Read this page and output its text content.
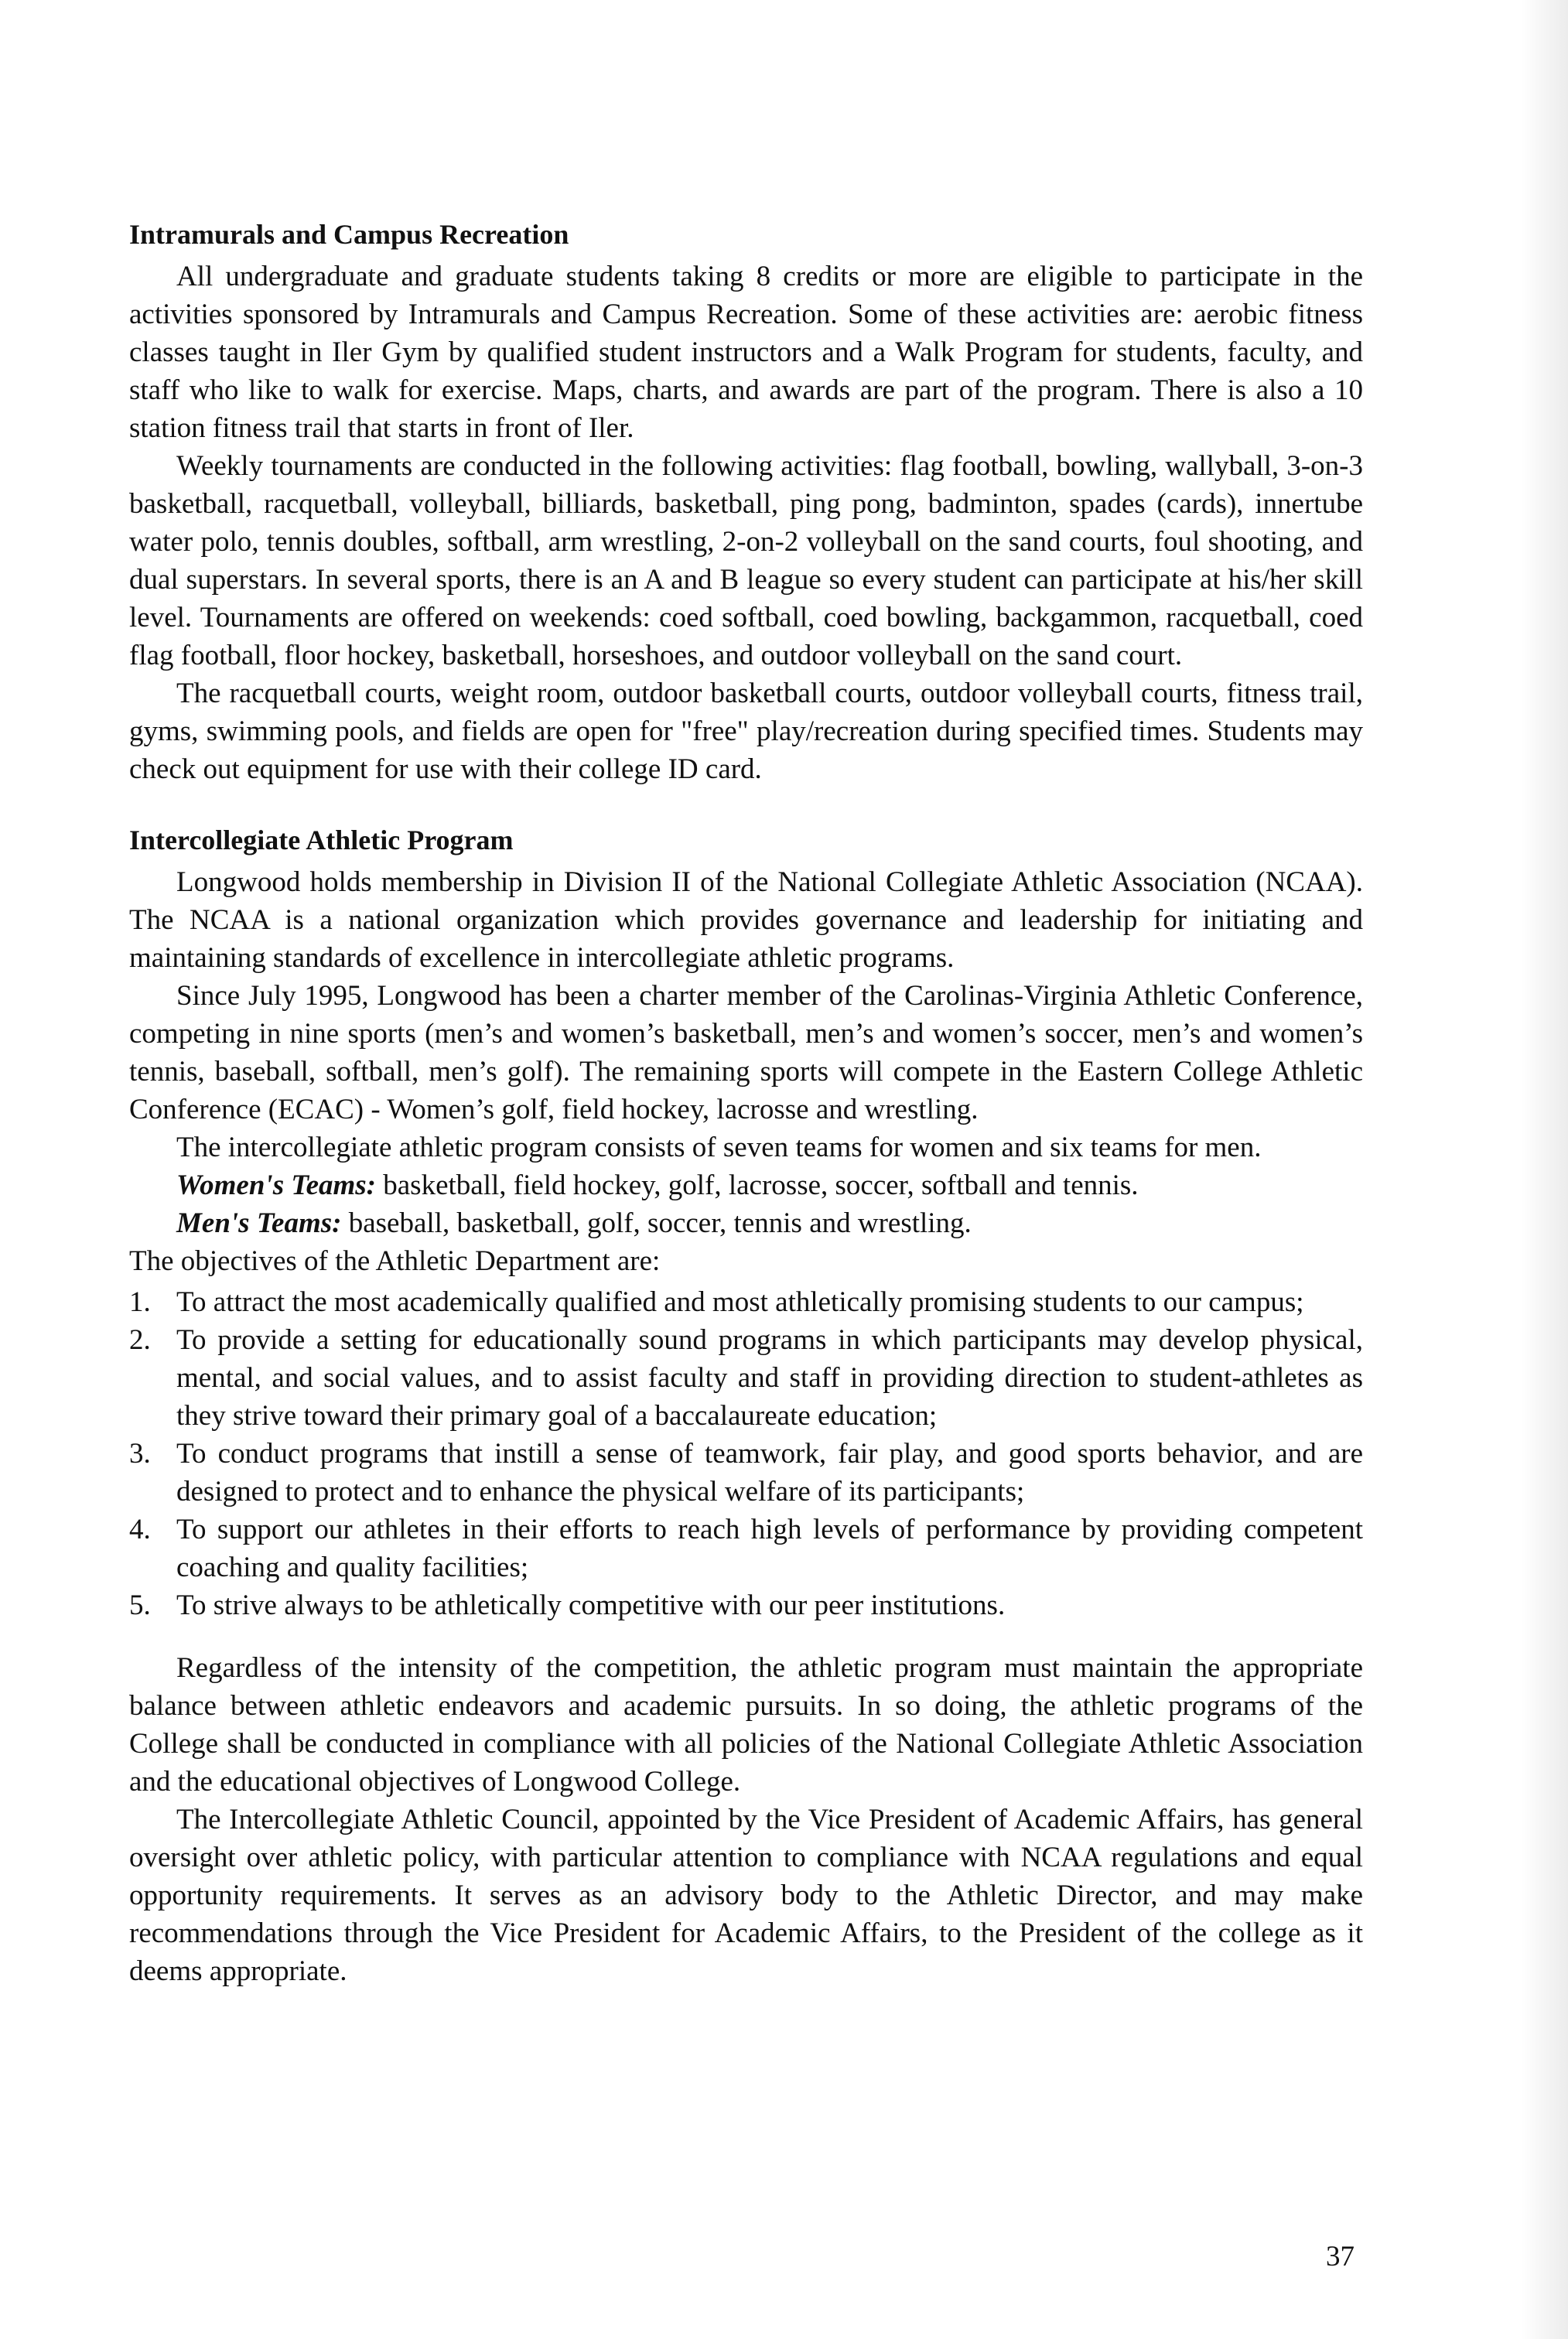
Intramurals and Campus Recreation

All undergraduate and graduate students taking 8 credits or more are eligible to participate in the activities sponsored by Intramurals and Campus Recreation. Some of these activities are: aerobic fitness classes taught in Iler Gym by qualified student instructors and a Walk Program for students, faculty, and staff who like to walk for exercise. Maps, charts, and awards are part of the program. There is also a 10 station fitness trail that starts in front of Iler.

Weekly tournaments are conducted in the following activities: flag football, bowling, wallyball, 3-on-3 basketball, racquetball, volleyball, billiards, basketball, ping pong, badminton, spades (cards), innertube water polo, tennis doubles, softball, arm wrestling, 2-on-2 volleyball on the sand courts, foul shooting, and dual superstars. In several sports, there is an A and B league so every student can participate at his/her skill level. Tournaments are offered on weekends: coed softball, coed bowling, backgammon, racquetball, coed flag football, floor hockey, basketball, horseshoes, and outdoor volleyball on the sand court.

The racquetball courts, weight room, outdoor basketball courts, outdoor volleyball courts, fitness trail, gyms, swimming pools, and fields are open for "free" play/recreation during specified times. Students may check out equipment for use with their college ID card.

Intercollegiate Athletic Program

Longwood holds membership in Division II of the National Collegiate Athletic Association (NCAA). The NCAA is a national organization which provides governance and leadership for initiating and maintaining standards of excellence in intercollegiate athletic programs.

Since July 1995, Longwood has been a charter member of the Carolinas-Virginia Athletic Conference, competing in nine sports (men’s and women’s basketball, men’s and women’s soccer, men’s and women’s tennis, baseball, softball, men’s golf). The remaining sports will compete in the Eastern College Athletic Conference (ECAC) - Women’s golf, field hockey, lacrosse and wrestling.

The intercollegiate athletic program consists of seven teams for women and six teams for men.

Women's Teams: basketball, field hockey, golf, lacrosse, soccer, softball and tennis.

Men's Teams: baseball, basketball, golf, soccer, tennis and wrestling.

The objectives of the Athletic Department are:

1. To attract the most academically qualified and most athletically promising students to our campus;
2. To provide a setting for educationally sound programs in which participants may develop physical, mental, and social values, and to assist faculty and staff in providing direction to student-athletes as they strive toward their primary goal of a baccalaureate education;
3. To conduct programs that instill a sense of teamwork, fair play, and good sports behavior, and are designed to protect and to enhance the physical welfare of its participants;
4. To support our athletes in their efforts to reach high levels of performance by providing competent coaching and quality facilities;
5. To strive always to be athletically competitive with our peer institutions.

Regardless of the intensity of the competition, the athletic program must maintain the appropriate balance between athletic endeavors and academic pursuits. In so doing, the athletic programs of the College shall be conducted in compliance with all policies of the National Collegiate Athletic Association and the educational objectives of Longwood College.

The Intercollegiate Athletic Council, appointed by the Vice President of Academic Affairs, has general oversight over athletic policy, with particular attention to compliance with NCAA regulations and equal opportunity requirements. It serves as an advisory body to the Athletic Director, and may make recommendations through the Vice President for Academic Affairs, to the President of the college as it deems appropriate.

37
